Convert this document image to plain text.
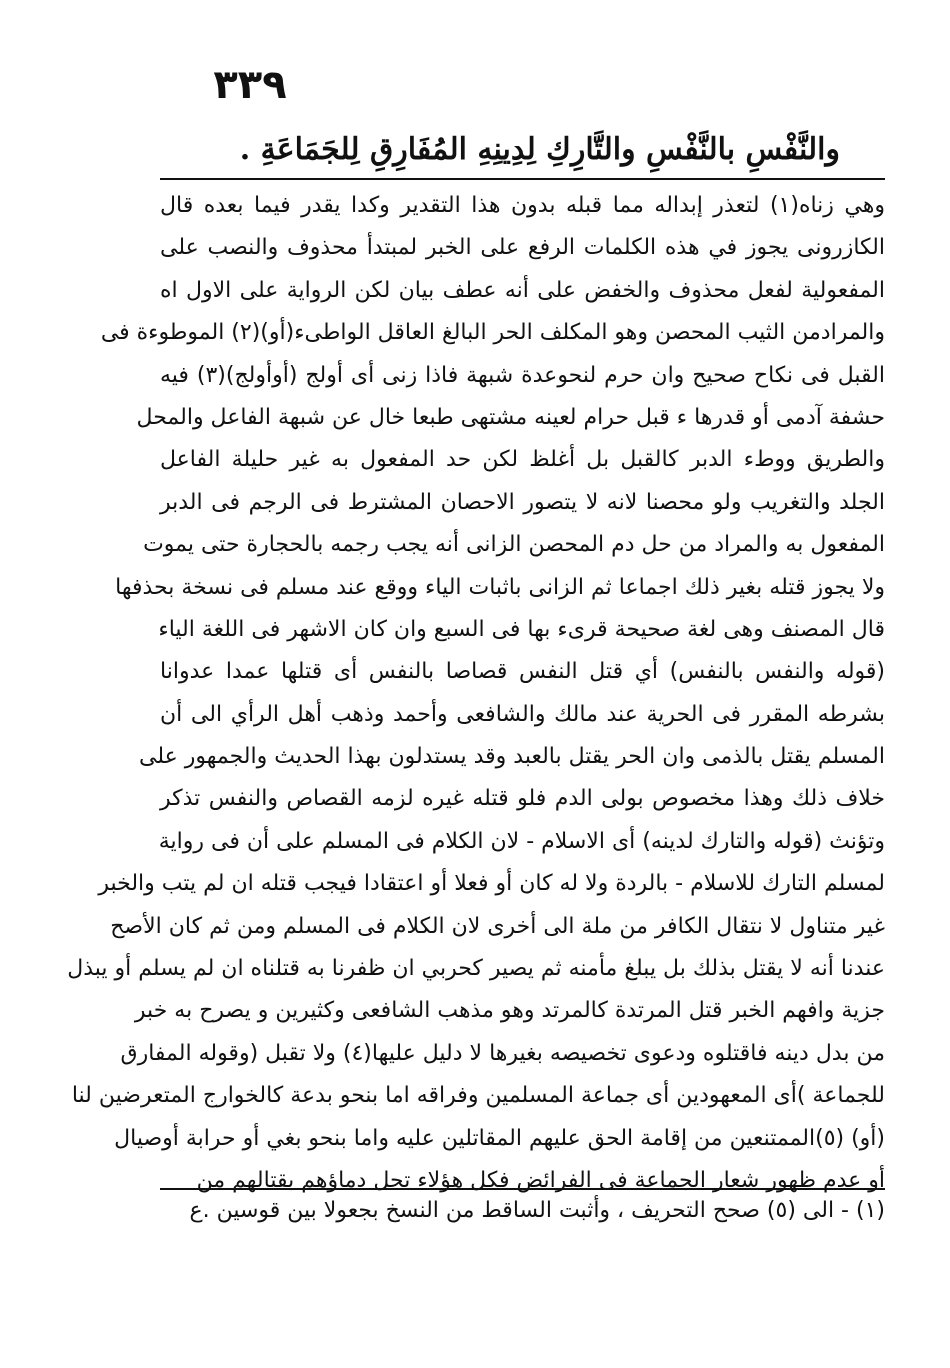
٣٣٩
والنَّفْسِ بالنَّفْسِ والتَّارِكِ لِدِينِهِ المُفَارِقِ لِلجَمَاعَةِ .
وهي زناه(١) لتعذر إبداله مما قبله بدون هذا التقدير وكدا يقدر فيما بعده قال
الكازرونى يجوز في هذه الكلمات الرفع على الخبر لمبتدأ محذوف والنصب على
المفعولية لفعل محذوف والخفض على أنه عطف بيان لكن الرواية على الاول اه
والمرادمن الثيب المحصن وهو المكلف الحر البالغ العاقل الواطىء(أو)(٢) الموطوءة فى
القبل فى نكاح صحيح وان حرم لنحوعدة شبهة فاذا زنى أى أولج (أوأولج)(٣) فيه
حشفة آدمى أو قدرها ﺀ قبل حرام لعينه مشتهى طبعا خال عن شبهة الفاعل والمحل
والطريق ووطء الدبر كالقبل بل أغلظ لكن حد المفعول به غير حليلة الفاعل
الجلد والتغريب ولو محصنا لانه لا يتصور الاحصان المشترط فى الرجم فى الدبر
المفعول به والمراد من حل دم المحصن الزانى أنه يجب رجمه بالحجارة حتى يموت
ولا يجوز قتله بغير ذلك اجماعا ثم الزانى باثبات الياء ووقع عند مسلم فى نسخة بحذفها
قال المصنف وهى لغة صحيحة قرىء بها فى السبع وان كان الاشهر فى اللغة الياء
(قوله والنفس بالنفس) أي قتل النفس قصاصا بالنفس أى قتلها عمدا عدوانا
بشرطه المقرر فى الحرية عند مالك والشافعى وأحمد وذهب أهل الرأي الى أن
المسلم يقتل بالذمى وان الحر يقتل بالعبد وقد يستدلون بهذا الحديث والجمهور على
خلاف ذلك وهذا مخصوص بولى الدم فلو قتله غيره لزمه القصاص والنفس تذكر
وتؤنث (قوله والتارك لدينه) أى الاسلام - لان الكلام فى المسلم على أن فى رواية
لمسلم التارك للاسلام - بالردة ولا له كان أو فعلا أو اعتقادا فيجب قتله ان لم يتب والخبر
غير متناول لا نتقال الكافر من ملة الى أخرى لان الكلام فى المسلم ومن ثم كان الأصح
عندنا أنه لا يقتل بذلك بل يبلغ مأمنه ثم يصير كحربي ان ظفرنا به قتلناه ان لم يسلم أو يبذل
جزية وافهم الخبر قتل المرتدة كالمرتد وهو مذهب الشافعى وكثيرين و يصرح به خبر
من بدل دينه فاقتلوه ودعوى تخصيصه بغيرها لا دليل عليها(٤) ولا تقبل (وقوله المفارق
للجماعة )أى المعهودين أى جماعة المسلمين وفراقه اما بنحو بدعة كالخوارج المتعرضين لنا
(أو) (٥)الممتنعين من إقامة الحق عليهم المقاتلين عليه واما بنحو بغي أو حرابة أوصيال
أو عدم ظهور شعار الجماعة فى الفرائض فكل هؤلاء تحل دماؤهم بقتالهم من
(١) - الى (٥) صحح التحريف ، وأثبت الساقط من النسخ بجعولا بين قوسين .ع
